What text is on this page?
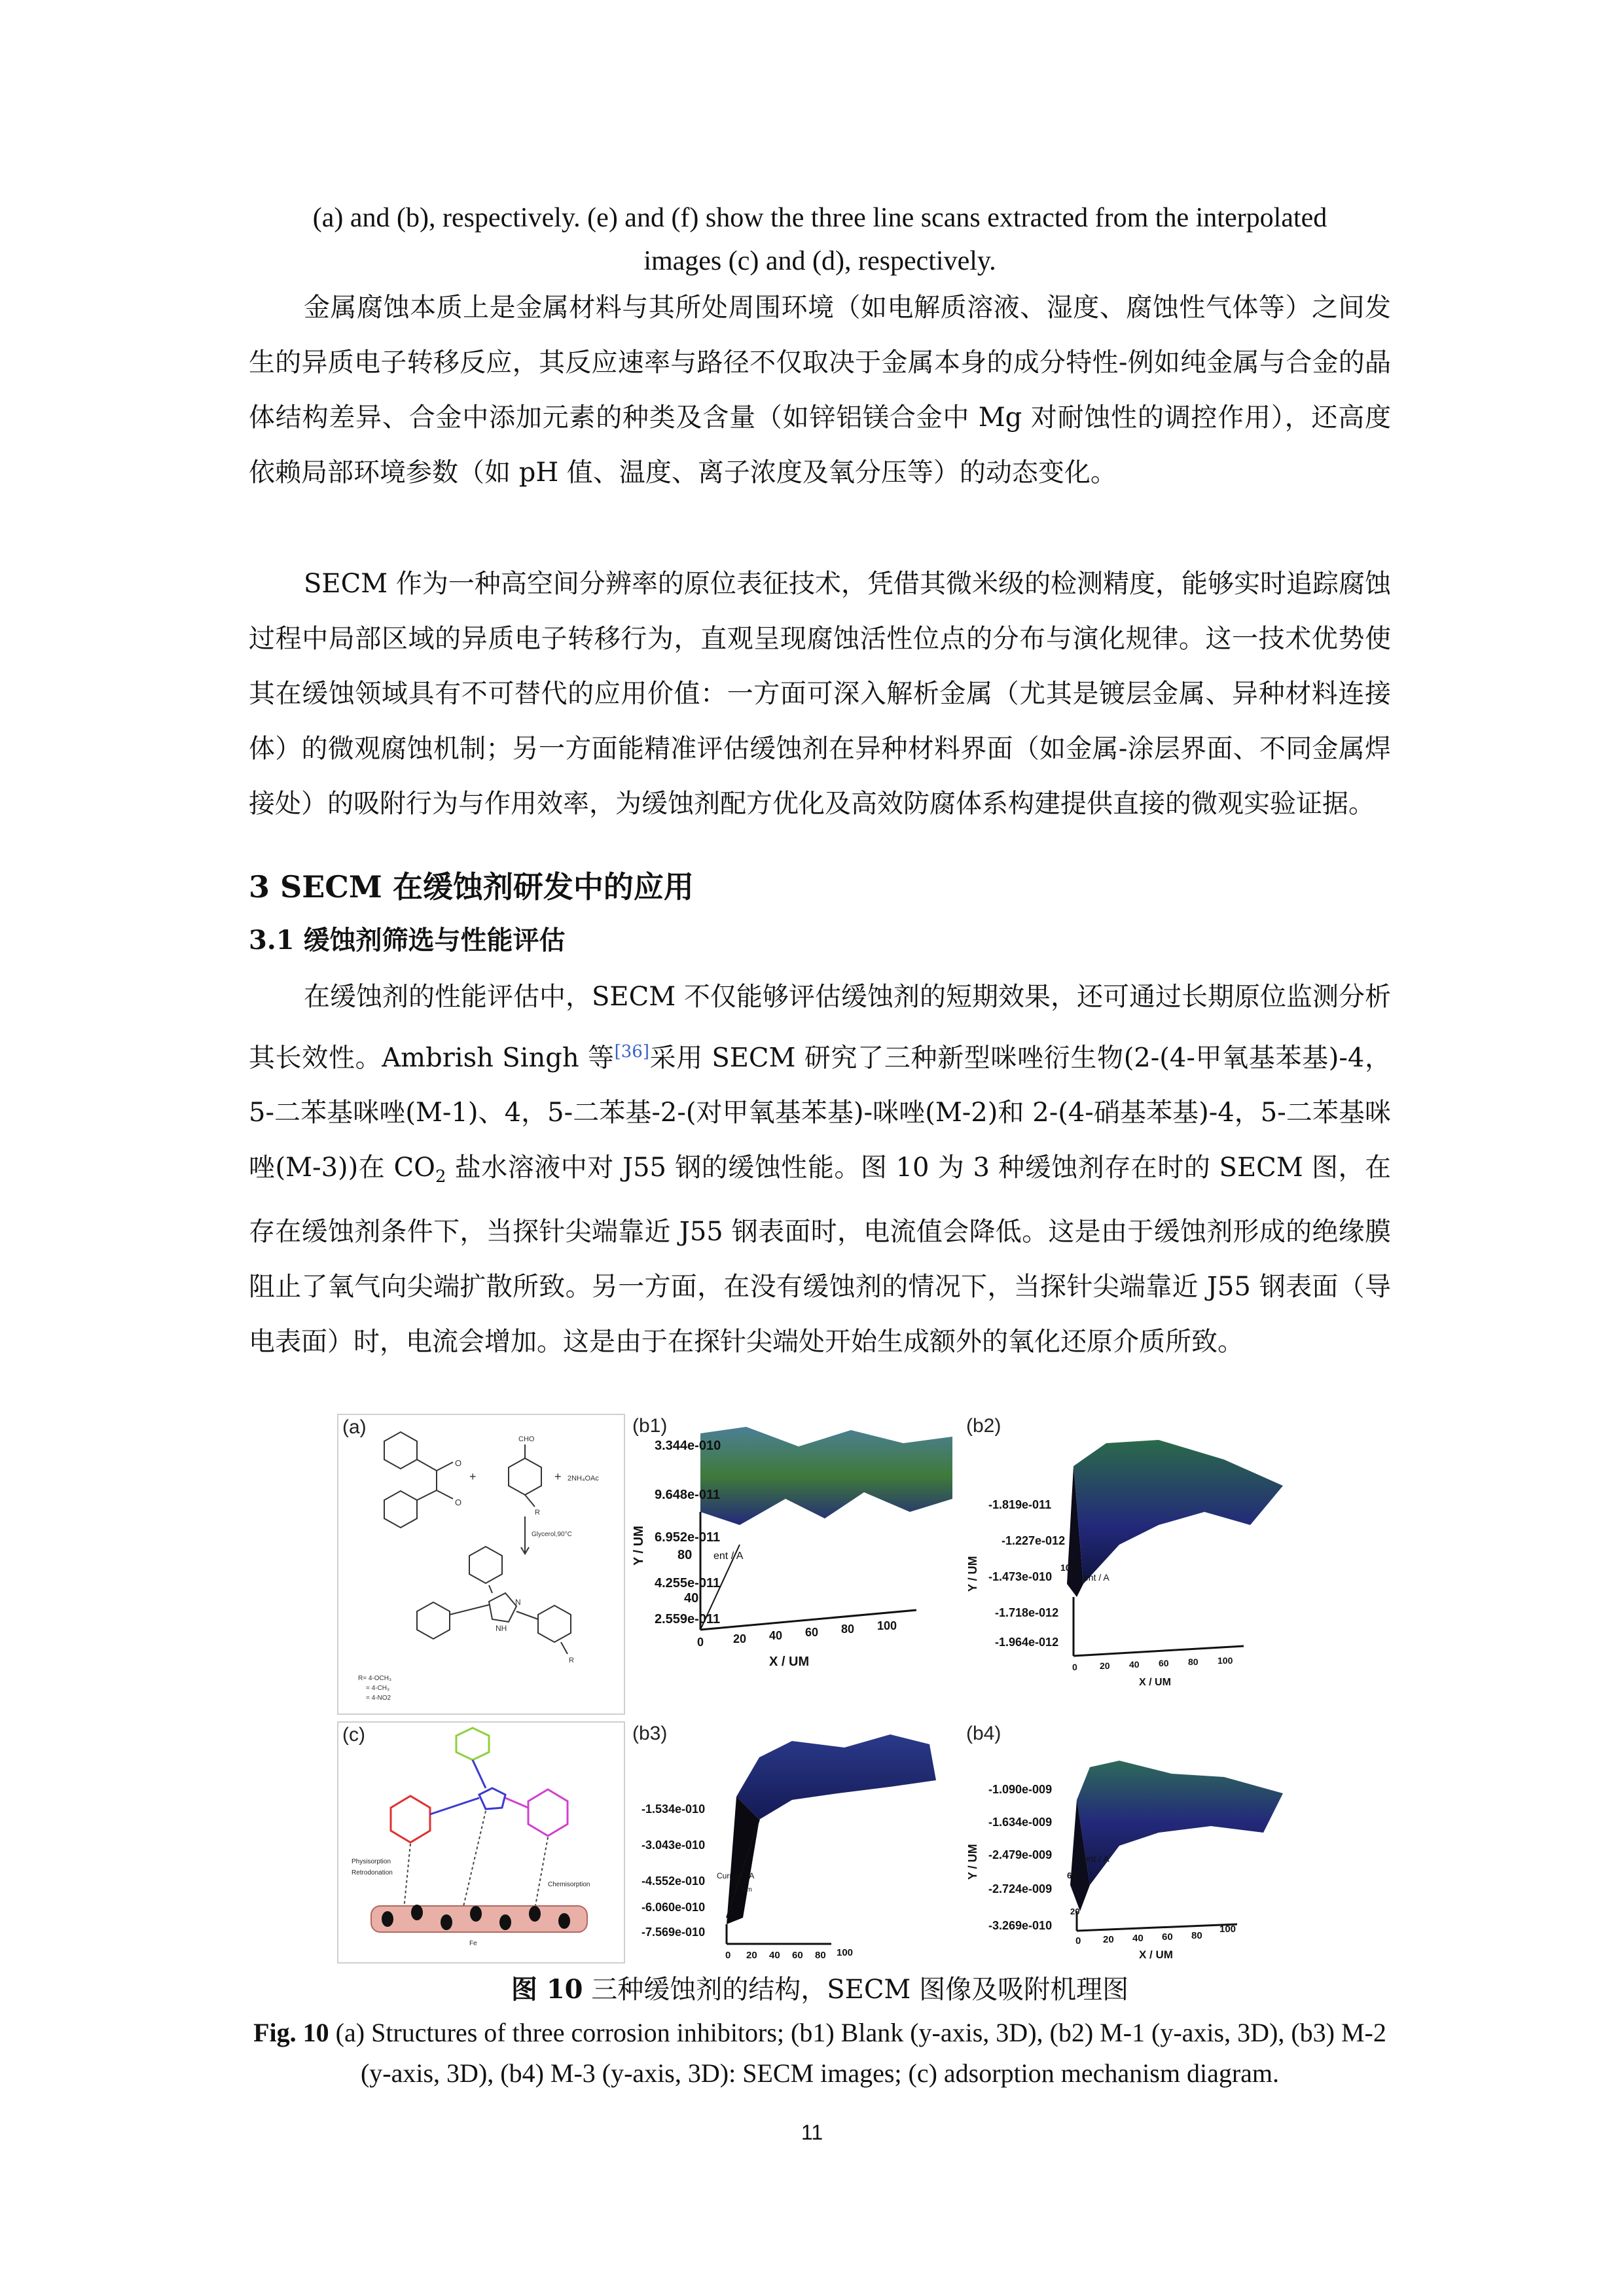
(a) and (b), respectively. (e) and (f) show the three line scans extracted from the interpolated
images (c) and (d), respectively.

金属腐蚀本质上是金属材料与其所处周围环境（如电解质溶液、湿度、腐蚀性气体等）之间发生的异质电子转移反应，其反应速率与路径不仅取决于金属本身的成分特性-例如纯金属与合金的晶体结构差异、合金中添加元素的种类及含量（如锌铝镁合金中 Mg 对耐蚀性的调控作用），还高度依赖局部环境参数（如 pH 值、温度、离子浓度及氧分压等）的动态变化。

SECM 作为一种高空间分辨率的原位表征技术，凭借其微米级的检测精度，能够实时追踪腐蚀过程中局部区域的异质电子转移行为，直观呈现腐蚀活性位点的分布与演化规律。这一技术优势使其在缓蚀领域具有不可替代的应用价值：一方面可深入解析金属（尤其是镀层金属、异种材料连接体）的微观腐蚀机制；另一方面能精准评估缓蚀剂在异种材料界面（如金属-涂层界面、不同金属焊接处）的吸附行为与作用效率，为缓蚀剂配方优化及高效防腐体系构建提供直接的微观实验证据。

3 SECM 在缓蚀剂研发中的应用
3.1 缓蚀剂筛选与性能评估

在缓蚀剂的性能评估中，SECM 不仅能够评估缓蚀剂的短期效果，还可通过长期原位监测分析其长效性。Ambrish Singh 等[36]采用 SECM 研究了三种新型咪唑衍生物(2-(4-甲氧基苯基)-4，5-二苯基咪唑(M-1)、4，5-二苯基-2-(对甲氧基苯基)-咪唑(M-2)和 2-(4-硝基苯基)-4，5-二苯基咪唑(M-3))在 $CO_2$ 盐水溶液中对 J55 钢的缓蚀性能。图 10 为 3 种缓蚀剂存在时的 SECM 图，在存在缓蚀剂条件下，当探针尖端靠近 J55 钢表面时，电流值会降低。这是由于缓蚀剂形成的绝缘膜阻止了氧气向尖端扩散所致。另一方面，在没有缓蚀剂的情况下，当探针尖端靠近 J55 钢表面（导电表面）时，电流会增加。这是由于在探针尖端处开始生成额外的氧化还原介质所致。

(a)
O
O
+	+ 2NH₄OAc
CHO
R
Glycerol,90°C
NH
N
R
R= 4-OCH₃
= 4-CH₃
= 4-NO2
(c)
Physisorption
Retrodonation
Chemisorption
Fe
(b1)
3.344e-010
9.648e-011
6.952e-011
4.255e-011
2.559e-011
80
40
ent / A
Y / UM
0 20 40 60 80 100
X / UM
(b2)
-1.819e-011
-1.227e-012
-1.473e-010
-1.718e-012
-1.964e-012
100
ent / A
Y / UM
0 20 40 60 80 100
X / UM
(b3)
-1.534e-010
-3.043e-010
-4.552e-010
-6.060e-010
-7.569e-010
Current / A
um
0 20 40 60 80 100
(b4)
-1.090e-009
-1.634e-009
-2.479e-009
-2.724e-009
-3.269e-010
60
20
ent / A
Y / UM
0 20 40 60 80
100
X / UM
图 10 三种缓蚀剂的结构，SECM 图像及吸附机理图
Fig. 10 (a) Structures of three corrosion inhibitors; (b1) Blank (y-axis, 3D), (b2) M-1 (y-axis, 3D), (b3) M-2 (y-axis, 3D), (b4) M-3 (y-axis, 3D): SECM images; (c) adsorption mechanism diagram.
11
